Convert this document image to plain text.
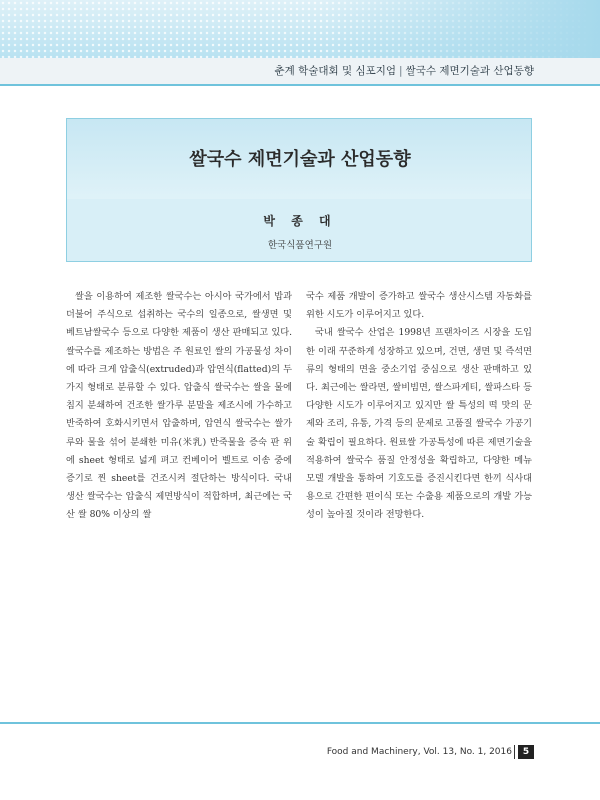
춘계 학술대회 및 심포지엄 | 쌀국수 제면기술과 산업동향
쌀국수 제면기술과 산업동향
박 종 대
한국식품연구원

쌀을 이용하여 제조한 쌀국수는 아시아 국가에서 밥과 더불어 주식으로 섭취하는 국수의 일종으로, 쌀생면 및 베트남쌀국수 등으로 다양한 제품이 생산 판매되고 있다. 쌀국수를 제조하는 방법은 주 원료인 쌀의 가공물성 차이에 따라 크게 압출식(extruded)과 압연식(flatted)의 두 가지 형태로 분류할 수 있다. 압출식 쌀국수는 쌀을 물에 침지 분쇄하여 건조한 쌀가루 분말을 제조시에 가수하고 반죽하여 호화시키면서 압출하며, 압연식 쌀국수는 쌀가루와 물을 섞어 분쇄한 미유(米乳) 반죽물을 증숙 판 위에 sheet 형태로 넓게 펴고 컨베이어 벨트로 이송 중에 증기로 찐 sheet를 건조시켜 절단하는 방식이다. 국내 생산 쌀국수는 압출식 제면방식이 적합하며, 최근에는 국산 쌀 80% 이상의 쌀

국수 제품 개발이 증가하고 쌀국수 생산시스템 자동화를 위한 시도가 이루어지고 있다.

국내 쌀국수 산업은 1998년 프랜차이즈 시장을 도입한 이래 꾸준하게 성장하고 있으며, 건면, 생면 및 즉석면류의 형태의 면을 중소기업 중심으로 생산 판매하고 있다. 최근에는 쌀라면, 쌀비빔면, 쌀스파게티, 쌀파스타 등 다양한 시도가 이루어지고 있지만 쌀 특성의 떡 맛의 문제와 조리, 유통, 가격 등의 문제로 고품질 쌀국수 가공기술 확립이 필요하다. 원료쌀 가공특성에 따른 제면기술을 적용하여 쌀국수 품질 안정성을 확립하고, 다양한 메뉴 모델 개발을 통하여 기호도를 증진시킨다면 한끼 식사대용으로 간편한 편이식 또는 수출용 제품으로의 개발 가능성이 높아질 것이라 전망한다.

Food and Machinery, Vol. 13, No. 1, 2016	5
